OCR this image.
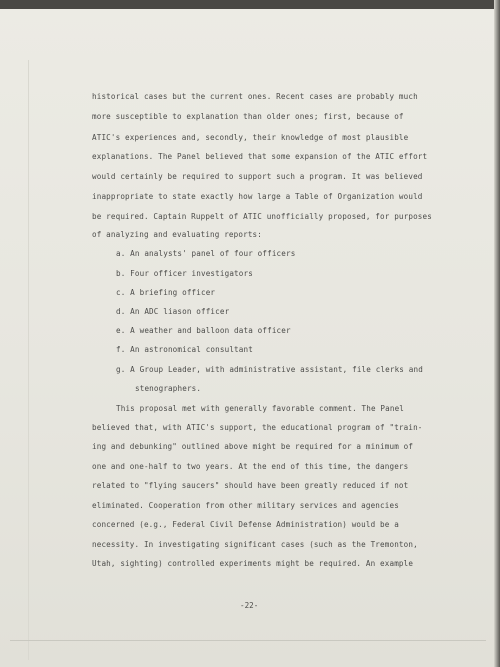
historical cases but the current ones. Recent cases are probably much
more susceptible to explanation than older ones; first, because of
ATIC's experiences and, secondly, their knowledge of most plausible
explanations. The Panel believed that some expansion of the ATIC effort
would certainly be required to support such a program. It was believed
inappropriate to state exactly how large a Table of Organization would
be required. Captain Ruppelt of ATIC unofficially proposed, for purposes
of analyzing and evaluating reports:
a. An analysts' panel of four officers
b. Four officer investigators
c. A briefing officer
d. An ADC liason officer
e. A weather and balloon data officer
f. An astronomical consultant
g. A Group Leader, with administrative assistant, file clerks and
stenographers.
This proposal met with generally favorable comment. The Panel
believed that, with ATIC's support, the educational program of "train-
ing and debunking" outlined above might be required for a minimum of
one and one-half to two years. At the end of this time, the dangers
related to "flying saucers" should have been greatly reduced if not
eliminated. Cooperation from other military services and agencies
concerned (e.g., Federal Civil Defense Administration) would be a
necessity. In investigating significant cases (such as the Tremonton,
Utah, sighting) controlled experiments might be required. An example
-22-
